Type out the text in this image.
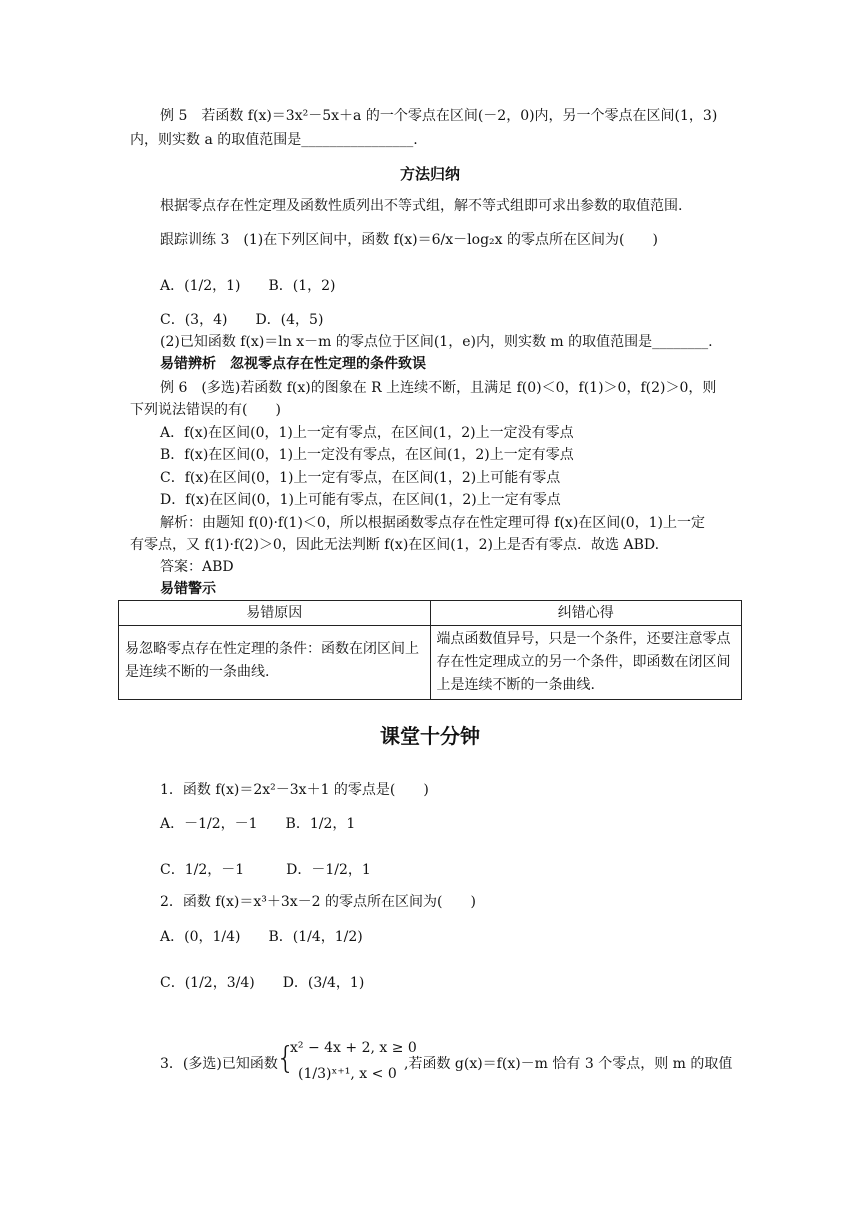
例 5　若函数 f(x)＝3x²－5x＋a 的一个零点在区间(－2，0)内，另一个零点在区间(1，3)
内，则实数 a 的取值范围是________________.
方法归纳
根据零点存在性定理及函数性质列出不等式组，解不等式组即可求出参数的取值范围.
跟踪训练 3　(1)在下列区间中，函数 f(x)＝6/x－log₂x 的零点所在区间为(　　)
A．(1/2，1)　　B．(1，2)
C．(3，4)　　D．(4，5)
(2)已知函数 f(x)＝ln x－m 的零点位于区间(1，e)内，则实数 m 的取值范围是________.
易错辨析　忽视零点存在性定理的条件致误
例 6　(多选)若函数 f(x)的图象在 R 上连续不断，且满足 f(0)＜0，f(1)＞0，f(2)＞0，则
下列说法错误的有(　　)
A．f(x)在区间(0，1)上一定有零点，在区间(1，2)上一定没有零点
B．f(x)在区间(0，1)上一定没有零点，在区间(1，2)上一定有零点
C．f(x)在区间(0，1)上一定有零点，在区间(1，2)上可能有零点
D．f(x)在区间(0，1)上可能有零点，在区间(1，2)上一定有零点
解析：由题知 f(0)·f(1)＜0，所以根据函数零点存在性定理可得 f(x)在区间(0，1)上一定
有零点，又 f(1)·f(2)＞0，因此无法判断 f(x)在区间(1，2)上是否有零点．故选 ABD.
答案：ABD
易错警示
易错原因	纠错心得
易忽略零点存在性定理的条件：函数在闭区间上是连续不断的一条曲线.	端点函数值异号，只是一个条件，还要注意零点存在性定理成立的另一个条件，即函数在闭区间上是连续不断的一条曲线.
课堂十分钟
1．函数 f(x)＝2x²－3x＋1 的零点是(　　)
A．－1/2，－1　　B．1/2，1
C．1/2，－1　　　D．－1/2，1
2．函数 f(x)＝x³＋3x－2 的零点所在区间为(　　)
A．(0，1/4)　　B．(1/4，1/2)
C．(1/2，3/4)　　D．(3/4，1)
3．(多选)已知函数
{
x² − 4x + 2, x ≥ 0
(1/3)ˣ⁺¹, x < 0
,若函数 g(x)＝f(x)－m 恰有 3 个零点，则 m 的取值
